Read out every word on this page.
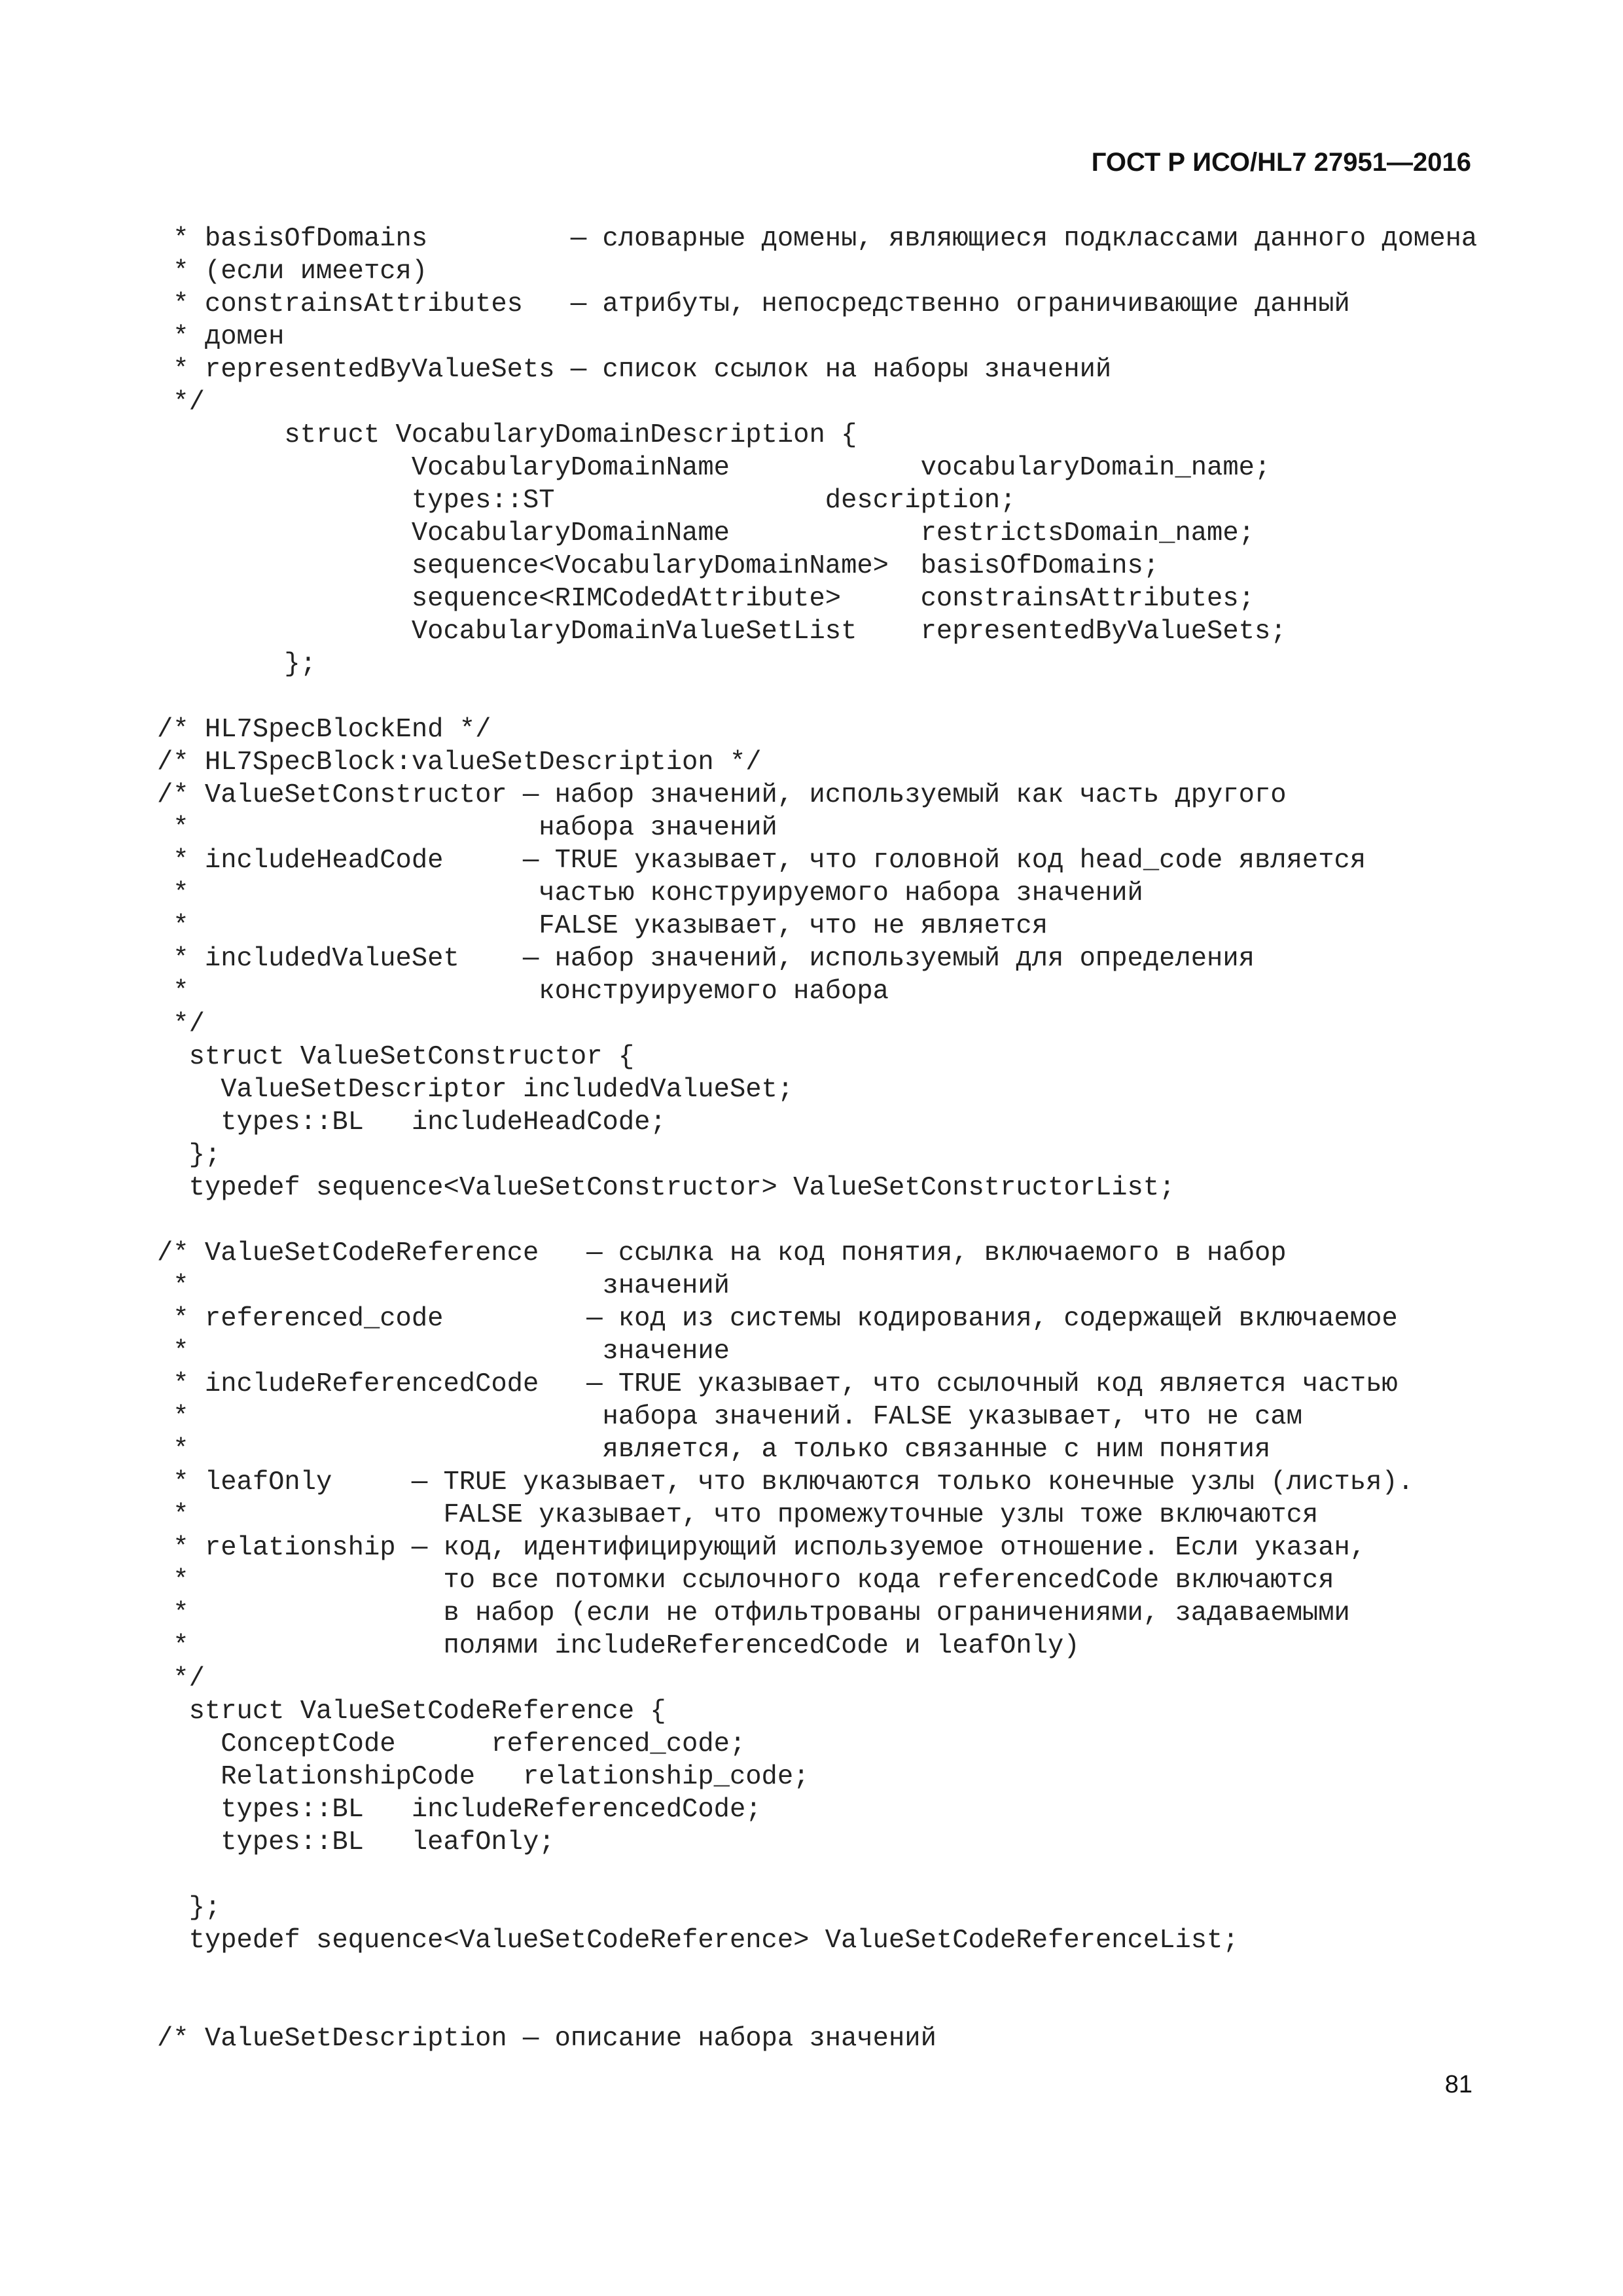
ГОСТ Р ИСО/HL7 27951—2016
* basisOfDomains         — словарные домены, являющиеся подклассами данного домена
* (если имеется)
* constrainsAttributes   — атрибуты, непосредственно ограничивающие данный
* домен
* representedByValueSets — список ссылок на наборы значений
*/
struct VocabularyDomainDescription {
VocabularyDomainName            vocabularyDomain_name;
types::ST                 description;
VocabularyDomainName            restrictsDomain_name;
sequence<VocabularyDomainName>  basisOfDomains;
sequence<RIMCodedAttribute>     constrainsAttributes;
VocabularyDomainValueSetList    representedByValueSets;
};
/* HL7SpecBlockEnd */
/* HL7SpecBlock:valueSetDescription */
/* ValueSetConstructor — набор значений, используемый как часть другого
*                      набора значений
* includeHeadCode     — TRUE указывает, что головной код head_code является
*                      частью конструируемого набора значений
*                      FALSE указывает, что не является
* includedValueSet    — набор значений, используемый для определения
*                      конструируемого набора
*/
struct ValueSetConstructor {
ValueSetDescriptor includedValueSet;
types::BL   includeHeadCode;
};
typedef sequence<ValueSetConstructor> ValueSetConstructorList;
/* ValueSetCodeReference   — ссылка на код понятия, включаемого в набор
*                          значений
* referenced_code         — код из системы кодирования, содержащей включаемое
*                          значение
* includeReferencedCode   — TRUE указывает, что ссылочный код является частью
*                          набора значений. FALSE указывает, что не сам
*                          является, а только связанные с ним понятия
* leafOnly     — TRUE указывает, что включаются только конечные узлы (листья).
*                FALSE указывает, что промежуточные узлы тоже включаются
* relationship — код, идентифицирующий используемое отношение. Если указан,
*                то все потомки ссылочного кода referencedCode включаются
*                в набор (если не отфильтрованы ограничениями, задаваемыми
*                полями includeReferencedCode и leafOnly)
*/
struct ValueSetCodeReference {
ConceptCode      referenced_code;
RelationshipCode   relationship_code;
types::BL   includeReferencedCode;
types::BL   leafOnly;
};
typedef sequence<ValueSetCodeReference> ValueSetCodeReferenceList;
/* ValueSetDescription — описание набора значений
81
